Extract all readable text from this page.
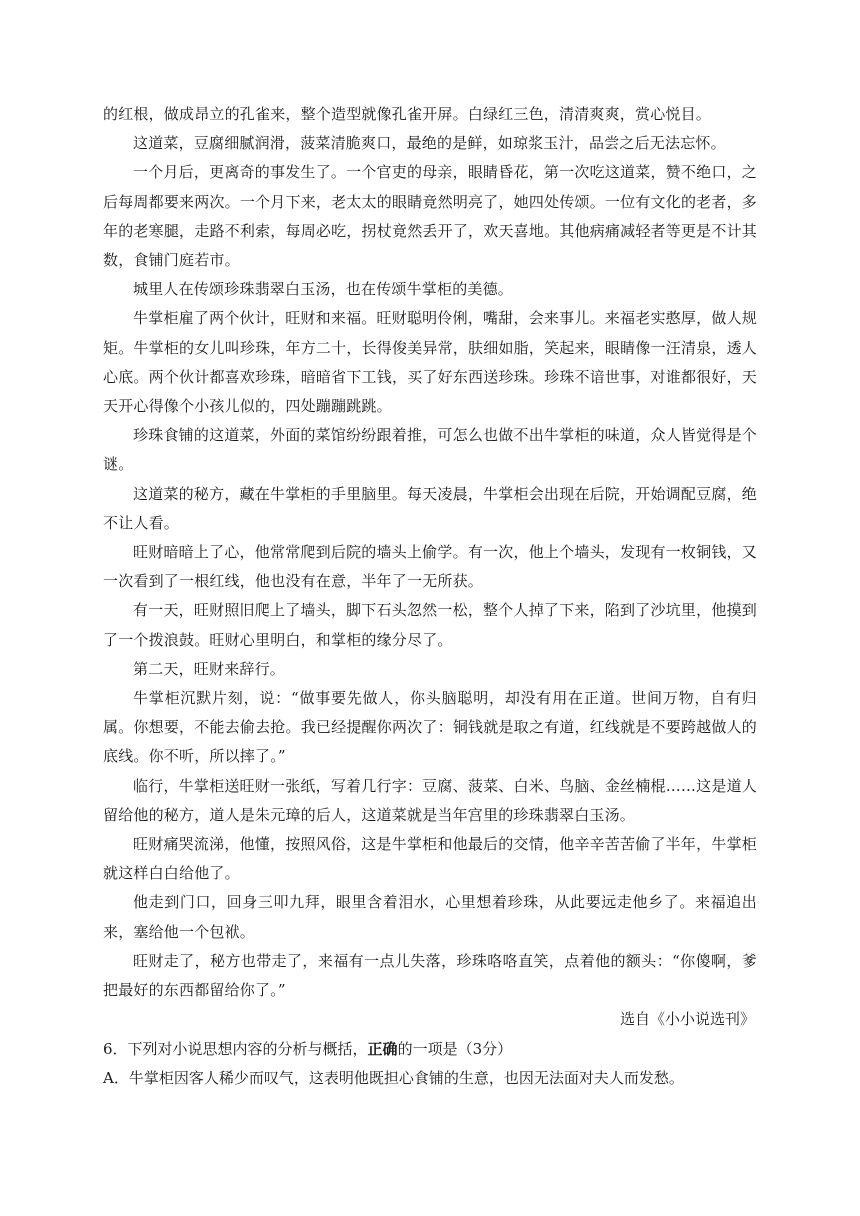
的红根，做成昂立的孔雀来，整个造型就像孔雀开屏。白绿红三色，清清爽爽，赏心悦目。

这道菜，豆腐细腻润滑，菠菜清脆爽口，最绝的是鲜，如琼浆玉汁，品尝之后无法忘怀。

一个月后，更离奇的事发生了。一个官吏的母亲，眼睛昏花，第一次吃这道菜，赞不绝口，之后每周都要来两次。一个月下来，老太太的眼睛竟然明亮了，她四处传颂。一位有文化的老者，多年的老寒腿，走路不利索，每周必吃，拐杖竟然丢开了，欢天喜地。其他病痛减轻者等更是不计其数，食铺门庭若市。

城里人在传颂珍珠翡翠白玉汤，也在传颂牛掌柜的美德。

牛掌柜雇了两个伙计，旺财和来福。旺财聪明伶俐，嘴甜，会来事儿。来福老实憨厚，做人规矩。牛掌柜的女儿叫珍珠，年方二十，长得俊美异常，肤细如脂，笑起来，眼睛像一汪清泉，透人心底。两个伙计都喜欢珍珠，暗暗省下工钱，买了好东西送珍珠。珍珠不谙世事，对谁都很好，天天开心得像个小孩儿似的，四处蹦蹦跳跳。

珍珠食铺的这道菜，外面的菜馆纷纷跟着推，可怎么也做不出牛掌柜的味道，众人皆觉得是个谜。

这道菜的秘方，藏在牛掌柜的手里脑里。每天凌晨，牛掌柜会出现在后院，开始调配豆腐，绝不让人看。

旺财暗暗上了心，他常常爬到后院的墙头上偷学。有一次，他上个墙头，发现有一枚铜钱，又一次看到了一根红线，他也没有在意，半年了一无所获。

有一天，旺财照旧爬上了墙头，脚下石头忽然一松，整个人掉了下来，陷到了沙坑里，他摸到了一个拨浪鼓。旺财心里明白，和掌柜的缘分尽了。

第二天，旺财来辞行。

牛掌柜沉默片刻，说：“做事要先做人，你头脑聪明，却没有用在正道。世间万物，自有归属。你想要，不能去偷去抢。我已经提醒你两次了：铜钱就是取之有道，红线就是不要跨越做人的底线。你不听，所以摔了。”

临行，牛掌柜送旺财一张纸，写着几行字：豆腐、菠菜、白米、鸟脑、金丝楠棍……这是道人留给他的秘方，道人是朱元璋的后人，这道菜就是当年宫里的珍珠翡翠白玉汤。

旺财痛哭流涕，他懂，按照风俗，这是牛掌柜和他最后的交情，他辛辛苦苦偷了半年，牛掌柜就这样白白给他了。

他走到门口，回身三叩九拜，眼里含着泪水，心里想着珍珠，从此要远走他乡了。来福追出来，塞给他一个包袱。

旺财走了，秘方也带走了，来福有一点儿失落，珍珠咯咯直笑，点着他的额头：“你傻啊，爹把最好的东西都留给你了。”

选自《小小说选刊》

6．下列对小说思想内容的分析与概括，正确的一项是（3分）

A．牛掌柜因客人稀少而叹气，这表明他既担心食铺的生意，也因无法面对夫人而发愁。
